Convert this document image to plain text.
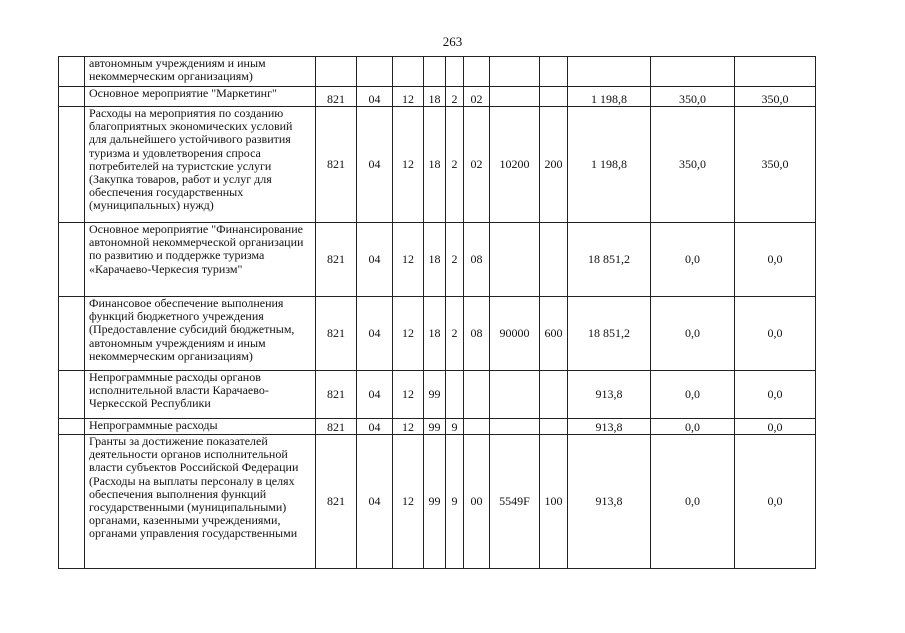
263
	автономным учреждениям и иным некоммерческим организациям)											
	Основное мероприятие "Маркетинг"	821	04	12	18	2	02			1 198,8	350,0	350,0
	Расходы на мероприятия по созданию благоприятных экономических условий для дальнейшего устойчивого развития туризма и удовлетворения спроса потребителей на туристские услуги (Закупка товаров, работ и услуг для обеспечения государственных (муниципальных) нужд)	821	04	12	18	2	02	10200	200	1 198,8	350,0	350,0
	Основное мероприятие "Финансирование автономной некоммерческой организации по развитию и поддержке туризма «Карачаево-Черкесия туризм"	821	04	12	18	2	08			18 851,2	0,0	0,0
	Финансовое обеспечение выполнения функций бюджетного учреждения (Предоставление субсидий бюджетным, автономным учреждениям и иным некоммерческим организациям)	821	04	12	18	2	08	90000	600	18 851,2	0,0	0,0
	Непрограммные расходы органов исполнительной власти Карачаево-Черкесской Республики	821	04	12	99					913,8	0,0	0,0
	Непрограммные расходы	821	04	12	99	9				913,8	0,0	0,0
	Гранты за достижение показателей деятельности органов исполнительной власти субъектов Российской Федерации (Расходы на выплаты персоналу в целях обеспечения выполнения функций государственными (муниципальными) органами, казенными учреждениями, органами управления государственными	821	04	12	99	9	00	5549F	100	913,8	0,0	0,0
